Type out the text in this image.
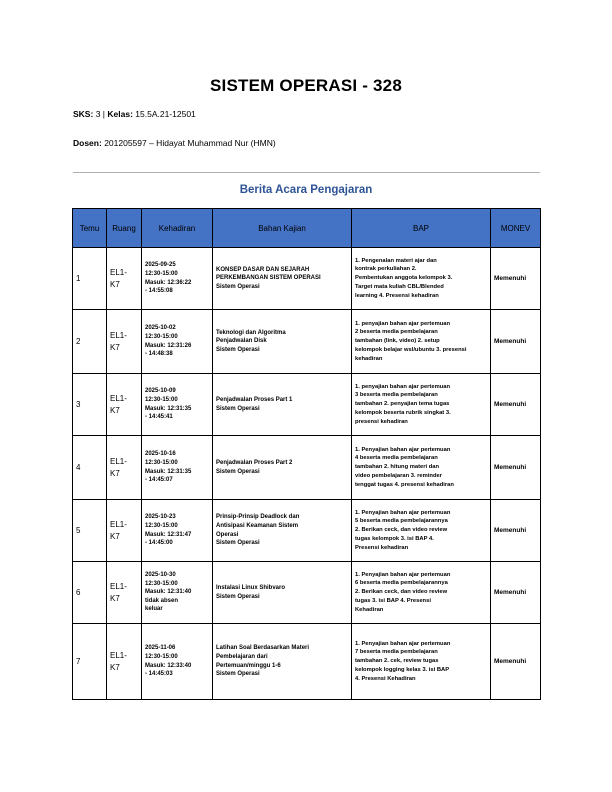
SISTEM OPERASI - 328
SKS: 3 | Kelas: 15.5A.21-12501
Dosen: 201205597 – Hidayat Muhammad Nur (HMN)
Berita Acara Pengajaran
Temu	Ruang	Kehadiran	Bahan Kajian	BAP	MONEV
1	EL1-
K7	2025-09-25
12:30-15:00
Masuk: 12:36:22
- 14:55:08	KONSEP DASAR DAN SEJARAH
PERKEMBANGAN SISTEM OPERASI
Sistem Operasi	1. Pengenalan materi ajar dan
kontrak perkuliahan 2.
Pembentukan anggota kelompok 3.
Target mata kuliah CBL/Blended
learning 4. Presensi kehadiran	Memenuhi
2	EL1-
K7	2025-10-02
12:30-15:00
Masuk: 12:31:26
- 14:48:38	Teknologi dan Algoritma
Penjadwalan Disk
Sistem Operasi	1. penyajian bahan ajar pertemuan
2 beserta media pembelajaran
tambahan (link, video) 2. setup
kelompok belajar wsl/ubuntu 3. presensi
kehadiran	Memenuhi
3	EL1-
K7	2025-10-09
12:30-15:00
Masuk: 12:31:35
- 14:45:41	Penjadwalan Proses Part 1
Sistem Operasi	1. penyajian bahan ajar pertemuan
3 beserta media pembelajaran
tambahan 2. penyajian tema tugas
kelompok beserta rubrik singkat 3.
presensi kehadiran	Memenuhi
4	EL1-
K7	2025-10-16
12:30-15:00
Masuk: 12:31:35
- 14:45:07	Penjadwalan Proses Part 2
Sistem Operasi	1. Penyajian bahan ajar pertemuan
4 beserta media pembelajaran
tambahan 2. hitung materi dan
video pembelajaran 3. reminder
tenggat tugas 4. presensi kehadiran	Memenuhi
5	EL1-
K7	2025-10-23
12:30-15:00
Masuk: 12:31:47
- 14:45:00	Prinsip-Prinsip Deadlock dan
Antisipasi Keamanan Sistem
Operasi
Sistem Operasi	1. Penyajian bahan ajar pertemuan
5 beserta media pembelajarannya
2. Berikan ceck, dan video review
tugas kelompok 3. isi BAP 4.
Presensi kehadiran	Memenuhi
6	EL1-
K7	2025-10-30
12:30-15:00
Masuk: 12:31:40
tidak absen
keluar	Instalasi Linux Shibvaro
Sistem Operasi	1. Penyajian bahan ajar pertemuan
6 beserta media pembelajarannya
2. Berikan ceck, dan video review
tugas 3. isi BAP 4. Presensi
Kehadiran	Memenuhi
7	EL1-
K7	2025-11-06
12:30-15:00
Masuk: 12:33:40
- 14:45:03	Latihan Soal Berdasarkan Materi
Pembelajaran dari
Pertemuan/minggu 1-6
Sistem Operasi	1. Penyajian bahan ajar pertemuan
7 beserta media pembelajaran
tambahan 2. cek, review tugas
kelompok logging kelas 3. isi BAP
4. Presensi Kehadiran	Memenuhi
